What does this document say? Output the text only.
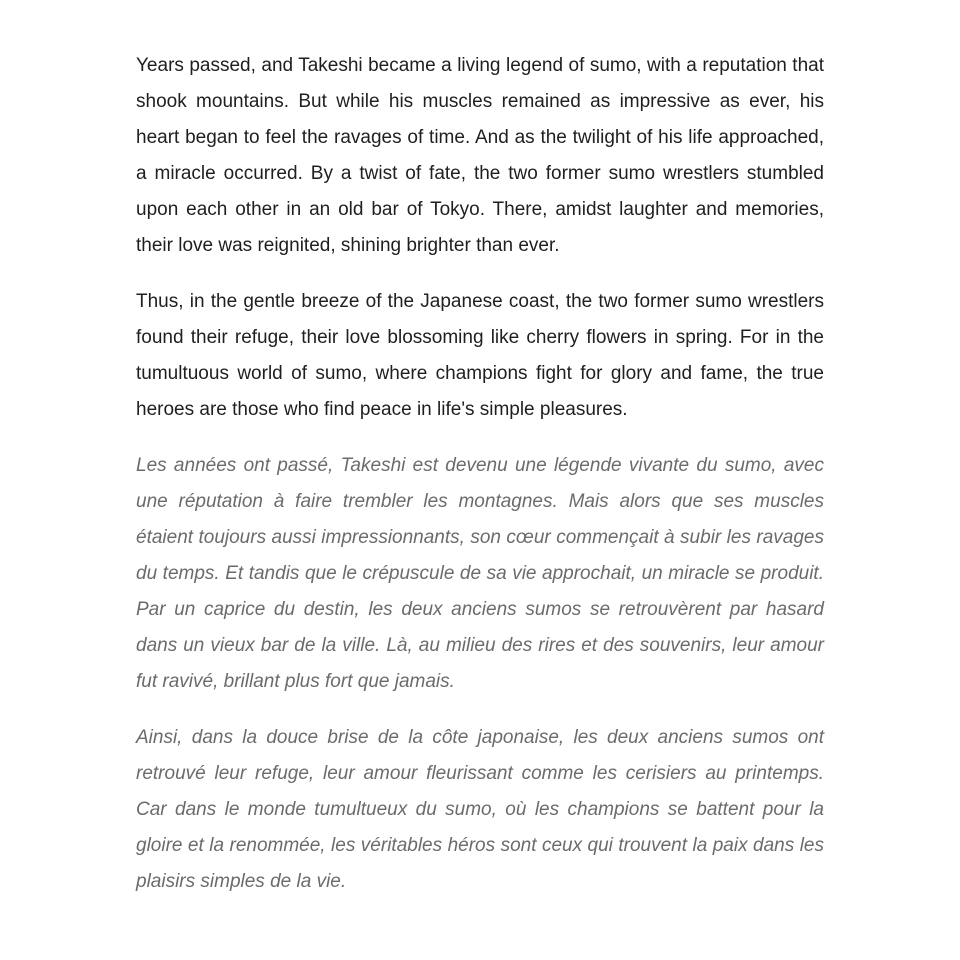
Years passed, and Takeshi became a living legend of sumo, with a reputation that shook mountains. But while his muscles remained as impressive as ever, his heart began to feel the ravages of time. And as the twilight of his life approached, a miracle occurred. By a twist of fate, the two former sumo wrestlers stumbled upon each other in an old bar of Tokyo. There, amidst laughter and memories, their love was reignited, shining brighter than ever.

Thus, in the gentle breeze of the Japanese coast, the two former sumo wrestlers found their refuge, their love blossoming like cherry flowers in spring. For in the tumultuous world of sumo, where champions fight for glory and fame, the true heroes are those who find peace in life's simple pleasures.

Les années ont passé, Takeshi est devenu une légende vivante du sumo, avec une réputation à faire trembler les montagnes. Mais alors que ses muscles étaient toujours aussi impressionnants, son cœur commençait à subir les ravages du temps. Et tandis que le crépuscule de sa vie approchait, un miracle se produit. Par un caprice du destin, les deux anciens sumos se retrouvèrent par hasard dans un vieux bar de la ville. Là, au milieu des rires et des souvenirs, leur amour fut ravivé, brillant plus fort que jamais.

Ainsi, dans la douce brise de la côte japonaise, les deux anciens sumos ont retrouvé leur refuge, leur amour fleurissant comme les cerisiers au printemps. Car dans le monde tumultueux du sumo, où les champions se battent pour la gloire et la renommée, les véritables héros sont ceux qui trouvent la paix dans les plaisirs simples de la vie.
